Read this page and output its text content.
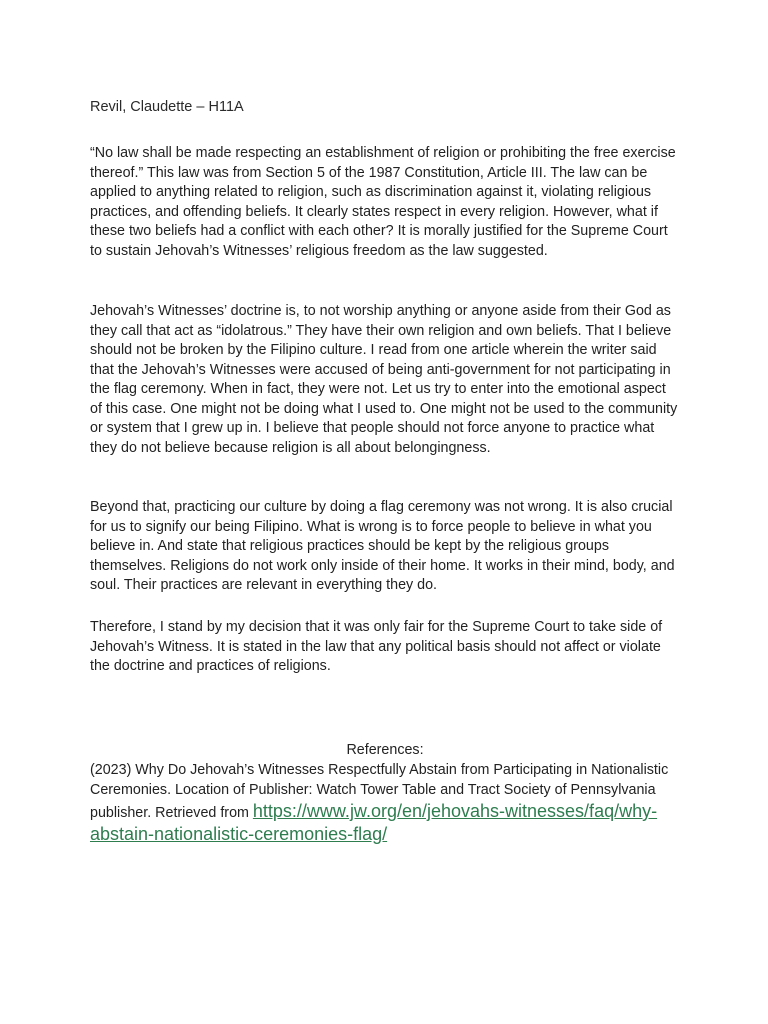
Revil, Claudette – H11A

“No law shall be made respecting an establishment of religion or prohibiting the free exercise thereof.” This law was from Section 5 of the 1987 Constitution, Article III. The law can be applied to anything related to religion, such as discrimination against it, violating religious practices, and offending beliefs. It clearly states respect in every religion. However, what if these two beliefs had a conflict with each other? It is morally justified for the Supreme Court to sustain Jehovah’s Witnesses’ religious freedom as the law suggested.

Jehovah’s Witnesses’ doctrine is, to not worship anything or anyone aside from their God as they call that act as “idolatrous.” They have their own religion and own beliefs. That I believe should not be broken by the Filipino culture. I read from one article wherein the writer said that the Jehovah’s Witnesses were accused of being anti-government for not participating in the flag ceremony. When in fact, they were not. Let us try to enter into the emotional aspect of this case. One might not be doing what I used to. One might not be used to the community or system that I grew up in. I believe that people should not force anyone to practice what they do not believe because religion is all about belongingness.

Beyond that, practicing our culture by doing a flag ceremony was not wrong. It is also crucial for us to signify our being Filipino. What is wrong is to force people to believe in what you believe in. And state that religious practices should be kept by the religious groups themselves. Religions do not work only inside of their home. It works in their mind, body, and soul. Their practices are relevant in everything they do.

Therefore, I stand by my decision that it was only fair for the Supreme Court to take side of Jehovah’s Witness. It is stated in the law that any political basis should not affect or violate the doctrine and practices of religions.

References:

(2023) Why Do Jehovah’s Witnesses Respectfully Abstain from Participating in Nationalistic Ceremonies. Location of Publisher: Watch Tower Table and Tract Society of Pennsylvania publisher. Retrieved from https://www.jw.org/en/jehovahs-witnesses/faq/why-abstain-nationalistic-ceremonies-flag/
